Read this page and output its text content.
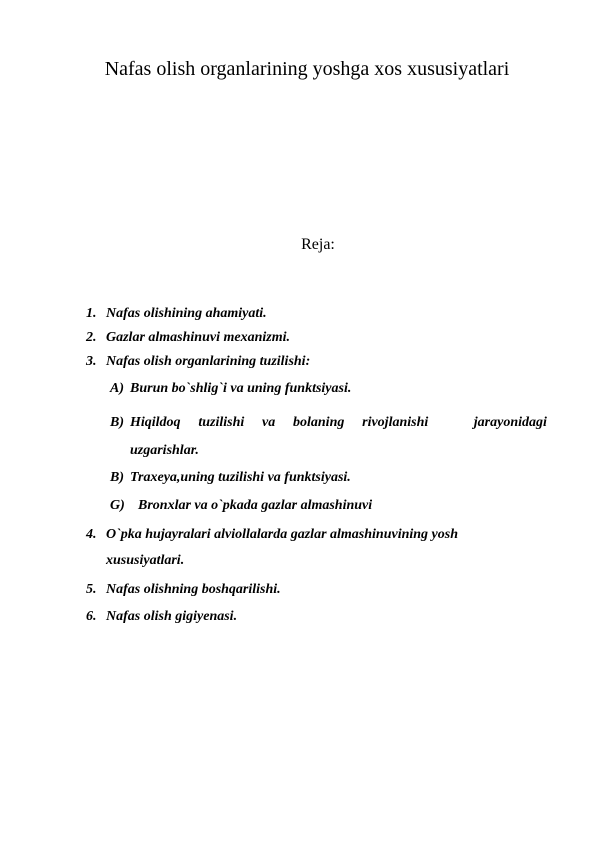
Nafas olish organlarining yoshga xos xususiyatlari
Reja:
1. Nafas olishining ahamiyati.
2. Gazlar almashinuvi mexanizmi.
3. Nafas olish organlarining tuzilishi:
A) Burun bo`shlig`i va uning funktsiyasi.
B) Hiqildoq tuzilishi va bolaning rivojlanishi	jarayonidagi
uzgarishlar.
B) Traxeya,uning tuzilishi va funktsiyasi.
G) Bronxlar va o`pkada gazlar almashinuvi
4. O`pka hujayralari alviollalarda gazlar almashinuvining yosh
xususiyatlari.
5. Nafas olishning boshqarilishi.
6. Nafas olish gigiyenasi.
